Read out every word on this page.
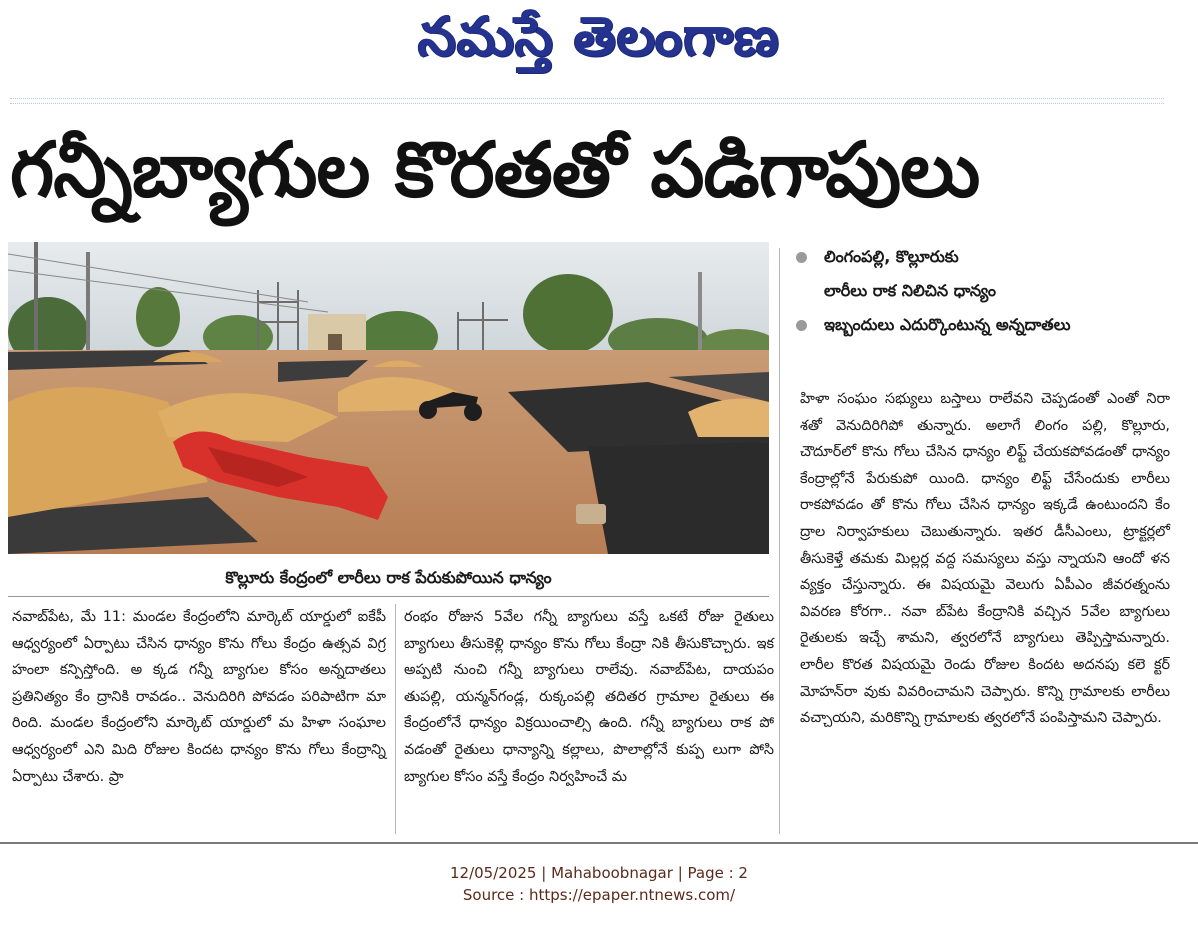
నమస్తే తెలంగాణ
గన్నీబ్యాగుల కొరతతో పడిగాపులు
కొల్లూరు కేంద్రంలో లారీలు రాక పేరుకుపోయిన ధాన్యం
లింగంపల్లి, కొల్లూరుకు
లారీలు రాక నిలిచిన ధాన్యం
ఇబ్బందులు ఎదుర్కొంటున్న అన్నదాతలు

హిళా సంఘం సభ్యులు బస్తాలు రాలేవని చెప్పడంతో ఎంతో నిరా శతో వెనుదిరిగిపో తున్నారు. అలాగే లింగం పల్లి, కొల్లూరు, చౌదూర్‌లో కొను గోలు చేసిన ధాన్యం లిఫ్ట్ చేయకపోవడంతో ధాన్యం కేంద్రాల్లోనే పేరుకుపో యింది. ధాన్యం లిఫ్ట్ చేసేందుకు లారీలు రాకపోవడం తో కొను గోలు చేసిన ధాన్యం ఇక్కడే ఉంటుందని కేం ద్రాల నిర్వాహకులు చెబుతున్నారు. ఇతర డీసీఎంలు, ట్రాక్టర్లలో తీసుకెళ్తే తమకు మిల్లర్ల వద్ద సమస్యలు వస్తు న్నాయని ఆందో ళన వ్యక్తం చేస్తున్నారు. ఈ విషయమై వెలుగు ఏపీఎం జీవరత్నంను వివరణ కోరగా.. నవా బ్‌పేట కేంద్రానికి వచ్చిన 5వేల బ్యాగులు రైతులకు ఇచ్చే శామని, త్వరలోనే బ్యాగులు తెప్పిస్తామన్నారు. లారీల కొరత విషయమై రెండు రోజుల కిందట అదనపు కలె క్టర్ మోహన్‌రా వుకు వివరించామని చెప్పారు. కొన్ని గ్రామాలకు లారీలు వచ్చాయని, మరికొన్ని గ్రామాలకు త్వరలోనే పంపిస్తామని చెప్పారు.

నవాబ్‌పేట, మే 11: మండల కేంద్రంలోని మార్కెట్ యార్డులో ఐకేపీ ఆధ్వర్యంలో ఏర్పాటు చేసిన ధాన్యం కొను గోలు కేంద్రం ఉత్సవ విగ్ర హంలా కన్పిస్తోంది. అ క్కడ గన్నీ బ్యాగుల కోసం అన్నదాతలు ప్రతినిత్యం కేం ద్రానికి రావడం.. వెనుదిరిగి పోవడం పరిపాటిగా మా రింది. మండల కేంద్రంలోని మార్కెట్ యార్డులో మ హిళా సంఘాల ఆధ్వర్యంలో ఎని మిది రోజుల కిందట ధాన్యం కొను గోలు కేంద్రాన్ని ఏర్పాటు చేశారు. ప్రా

రంభం రోజున 5వేల గన్నీ బ్యాగులు వస్తే ఒకటే రోజు రైతులు బ్యాగులు తీసుకెళ్లి ధాన్యం కొను గోలు కేంద్రా నికి తీసుకొచ్చారు. ఇక అప్పటి నుంచి గన్నీ బ్యాగులు రాలేవు. నవాబ్‌పేట, దాయపం తుపల్లి, యన్మన్‌గండ్ల, రుక్కంపల్లి తదితర గ్రామాల రైతులు ఈ కేంద్రంలోనే ధాన్యం విక్రయించాల్సి ఉంది. గన్నీ బ్యాగులు రాక పో వడంతో రైతులు ధాన్యాన్ని కల్లాలు, పొలాల్లోనే కుప్ప లుగా పోసి బ్యాగుల కోసం వస్తే కేంద్రం నిర్వహించే మ

12/05/2025 | Mahaboobnagar | Page : 2
Source : https://epaper.ntnews.com/
